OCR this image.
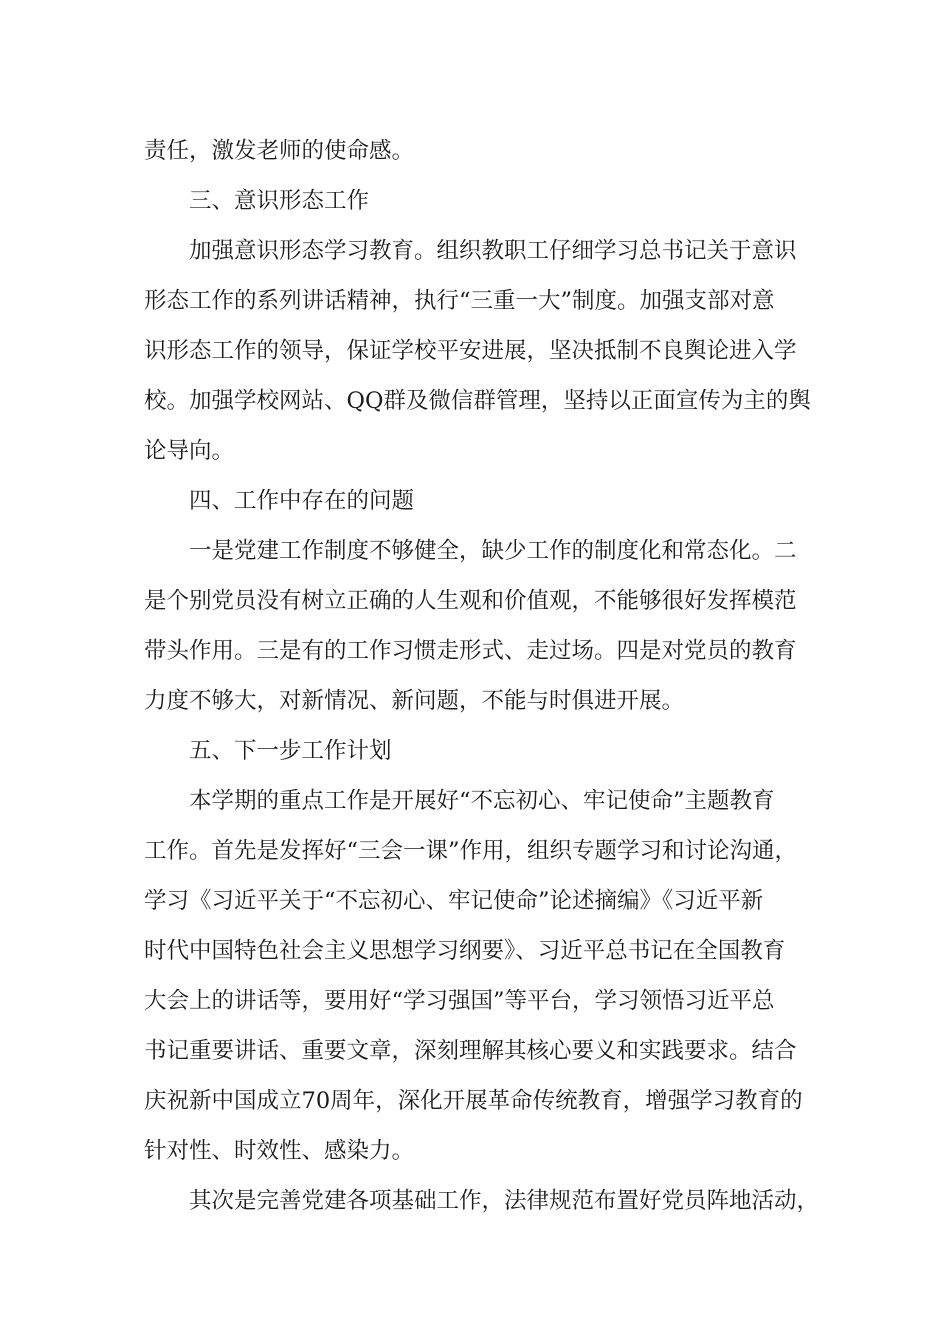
责任，激发老师的使命感。

三、意识形态工作

加强意识形态学习教育。组织教职工仔细学习总书记关于意识

形态工作的系列讲话精神，执行“三重一大”制度。加强支部对意

识形态工作的领导，保证学校平安进展，坚决抵制不良舆论进入学

校。加强学校网站、QQ群及微信群管理，坚持以正面宣传为主的舆

论导向。

四、工作中存在的问题

一是党建工作制度不够健全，缺少工作的制度化和常态化。二

是个别党员没有树立正确的人生观和价值观，不能够很好发挥模范

带头作用。三是有的工作习惯走形式、走过场。四是对党员的教育

力度不够大，对新情况、新问题，不能与时俱进开展。

五、下一步工作计划

本学期的重点工作是开展好“不忘初心、牢记使命”主题教育

工作。首先是发挥好“三会一课”作用，组织专题学习和讨论沟通，

学习《习近平关于“不忘初心、牢记使命”论述摘编》《习近平新

时代中国特色社会主义思想学习纲要》、习近平总书记在全国教育

大会上的讲话等，要用好“学习强国”等平台，学习领悟习近平总

书记重要讲话、重要文章，深刻理解其核心要义和实践要求。结合

庆祝新中国成立70周年，深化开展革命传统教育，增强学习教育的

针对性、时效性、感染力。

其次是完善党建各项基础工作，法律规范布置好党员阵地活动，
